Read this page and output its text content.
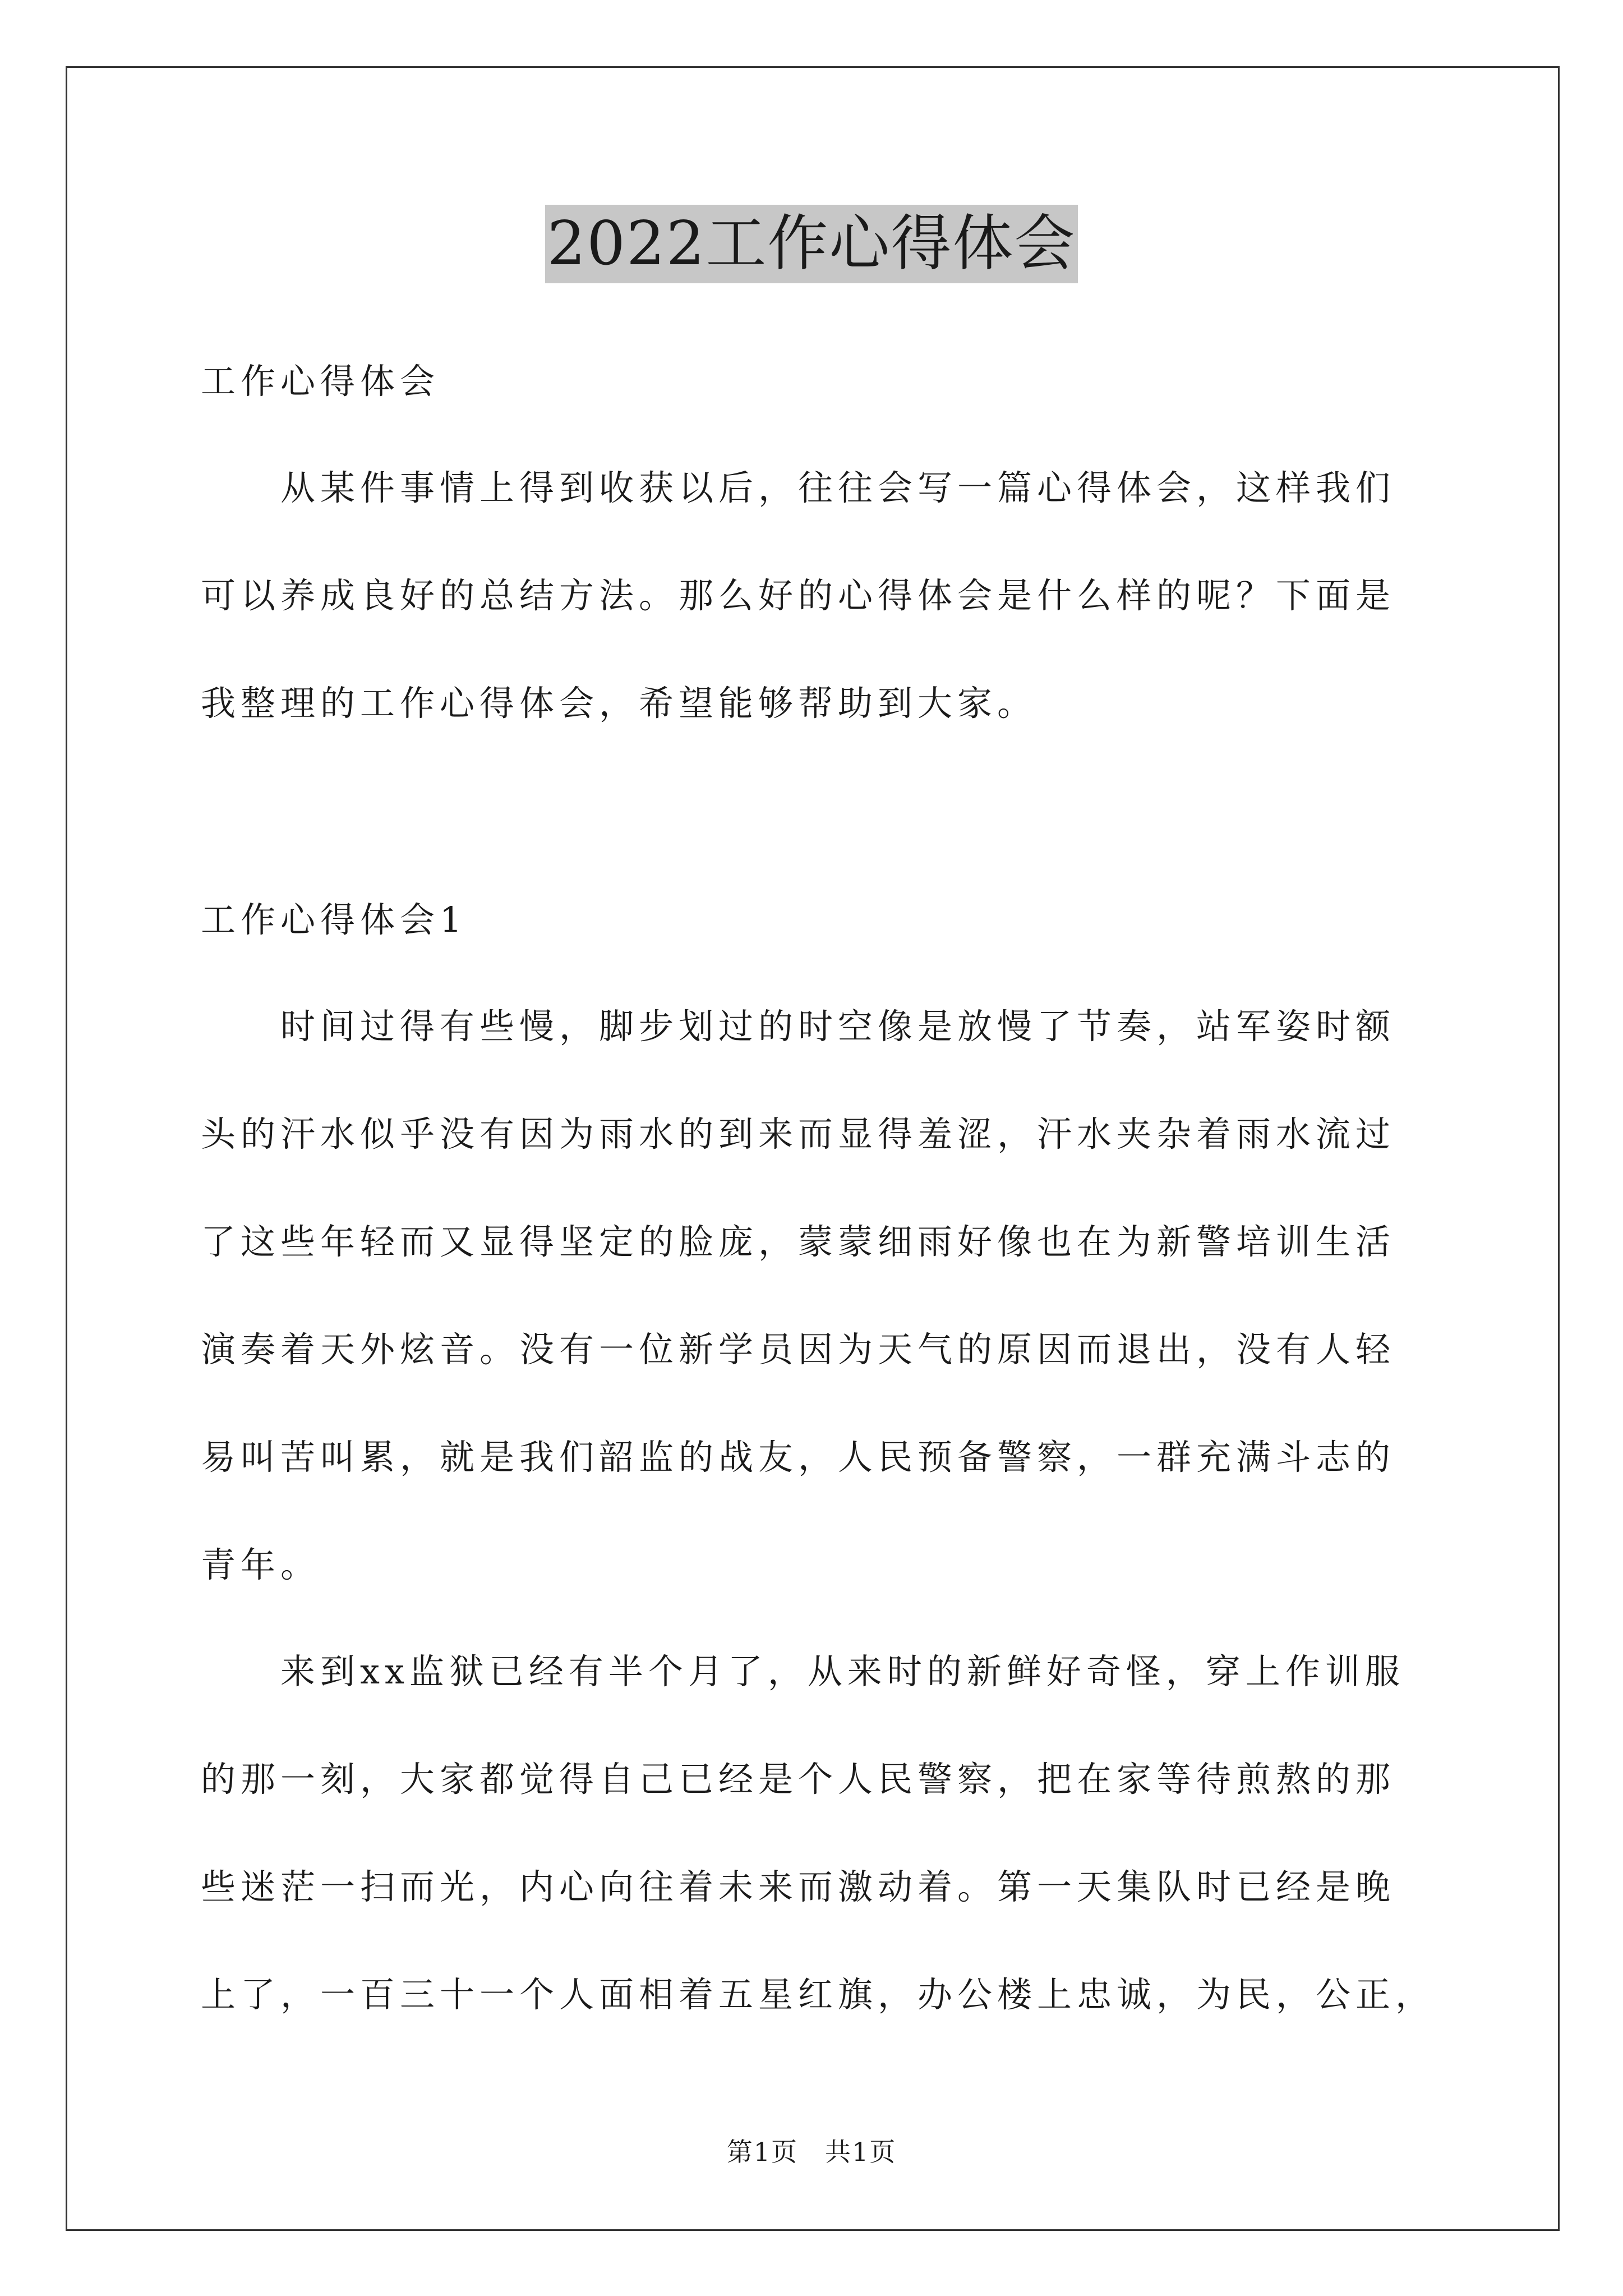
2022工作心得体会
工作心得体会
　　从某件事情上得到收获以后，往往会写一篇心得体会，这样我们
可以养成良好的总结方法。那么好的心得体会是什么样的呢？下面是
我整理的工作心得体会，希望能够帮助到大家。
工作心得体会1
　　时间过得有些慢，脚步划过的时空像是放慢了节奏，站军姿时额
头的汗水似乎没有因为雨水的到来而显得羞涩，汗水夹杂着雨水流过
了这些年轻而又显得坚定的脸庞，蒙蒙细雨好像也在为新警培训生活
演奏着天外炫音。没有一位新学员因为天气的原因而退出，没有人轻
易叫苦叫累，就是我们韶监的战友，人民预备警察，一群充满斗志的
青年。
　　来到xx监狱已经有半个月了，从来时的新鲜好奇怪，穿上作训服
的那一刻，大家都觉得自己已经是个人民警察，把在家等待煎熬的那
些迷茫一扫而光，内心向往着未来而激动着。第一天集队时已经是晚
上了，一百三十一个人面相着五星红旗，办公楼上忠诚，为民，公正，
第1页　共1页
